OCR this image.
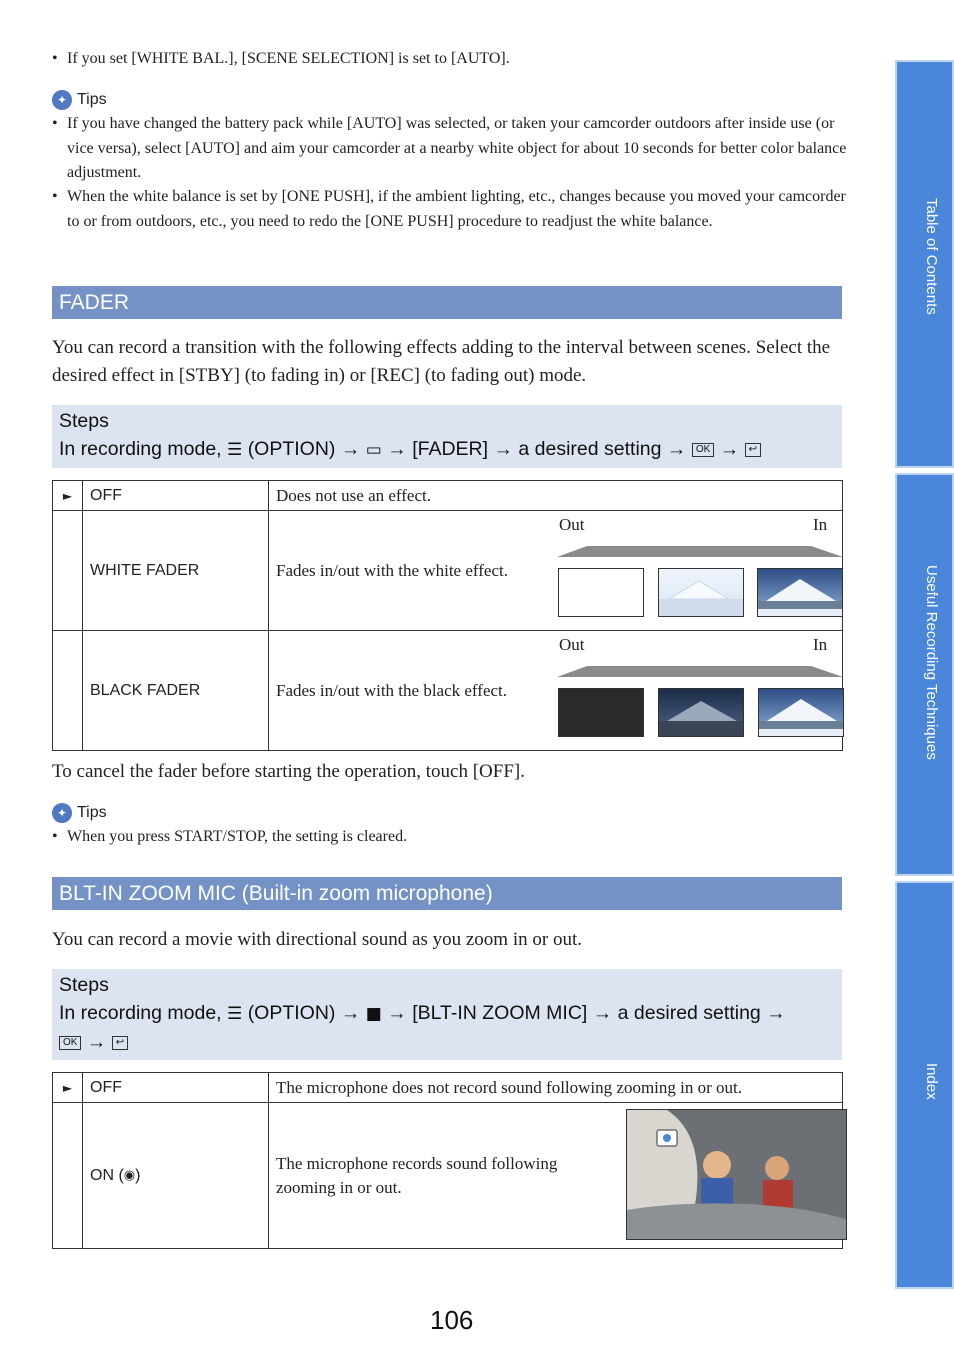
• If you set [WHITE BAL.], [SCENE SELECTION] is set to [AUTO].
✦ Tips
• If you have changed the battery pack while [AUTO] was selected, or taken your camcorder outdoors after inside use (or vice versa), select [AUTO] and aim your camcorder at a nearby white object for about 10 seconds for better color balance adjustment.
• When the white balance is set by [ONE PUSH], if the ambient lighting, etc., changes because you moved your camcorder to or from outdoors, etc., you need to redo the [ONE PUSH] procedure to readjust the white balance.
FADER
You can record a transition with the following effects adding to the interval between scenes. Select the desired effect in [STBY] (to fading in) or [REC] (to fading out) mode.
Steps
In recording mode, ☰ (OPTION) → ▭ → [FADER] → a desired setting → OK → ↩
►	OFF	Does not use an effect.
	WHITE FADER	Fades in/out with the white effect.
Out In

	BLACK FADER	Fades in/out with the black effect.
Out In
To cancel the fader before starting the operation, touch [OFF].
✦ Tips
• When you press START/STOP, the setting is cleared.
BLT-IN ZOOM MIC (Built-in zoom microphone)
You can record a movie with directional sound as you zoom in or out.
Steps
In recording mode, ☰ (OPTION) → ■ → [BLT-IN ZOOM MIC] → a desired setting →
OK → ↩
►	OFF	The microphone does not record sound following zooming in or out.
	ON (◉)	The microphone records sound following zooming in or out.
106
Table of Contents
Useful Recording Techniques
Index
